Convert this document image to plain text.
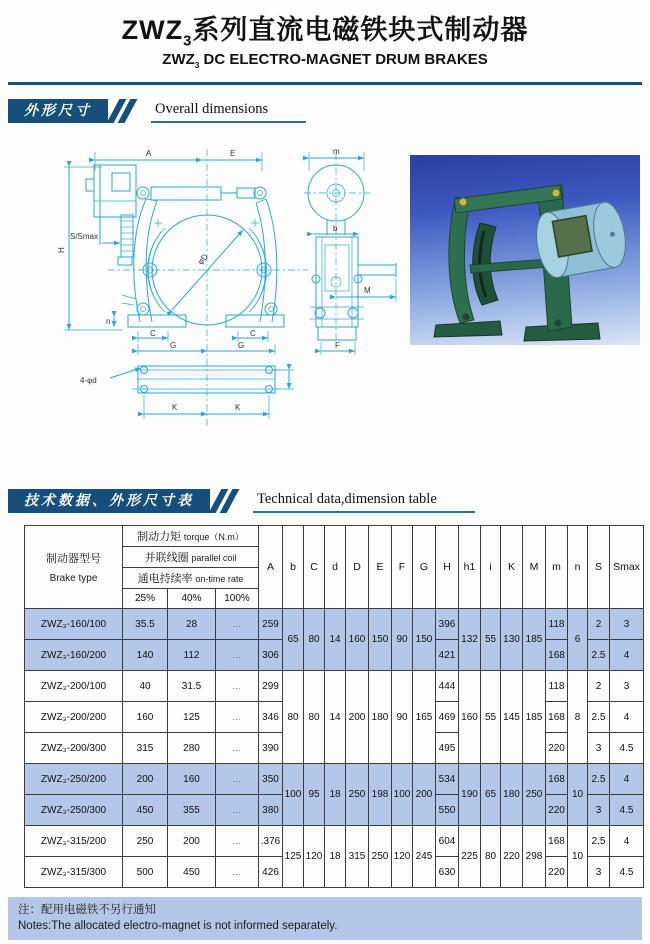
$ZWZ_3$系列直流电磁铁块式制动器
$ZWZ_3$ DC ELECTRO-MAGNET DRUM BRAKES
外形尺寸	Overall dimensions
A	E
H
S/Smax
φD
n
C	C
G	G
4-φd
K	K
m
b
M
F
技术数据、外形尺寸表	Technical data,dimension table
制动器型号
Brake type	制动力矩 torque（N.m）			A	b	C	d	D	E	F	G	H	h1	i	K	M	m	n	S	Smax
	并联线圈 parallel coil																			
	通电持续率 on-time rate																			
	25%	40%	100%																	
ZWZ₃-160/100	35.5	28	…	259	65	80	14	160	150	90	150	396	132	55	130	185	118	6	2	3
ZWZ₃-160/200	140	112	…	306								421					168		2.5	4
ZWZ₃-200/100	40	31.5	…	299	80	80	14	200	180	90	165	444	160	55	145	185	118	8	2	3
ZWZ₃-200/200	160	125	…	346								469					168		2.5	4
ZWZ₃-200/300	315	280	…	390								495					220		3	4.5
ZWZ₃-250/200	200	160	…	350	100	95	18	250	198	100	200	534	190	65	180	250	168	10	2.5	4
ZWZ₃-250/300	450	355	…	380								550					220		3	4.5
ZWZ₃-315/200	250	200	…	.376	125	120	18	315	250	120	245	604	225	80	220	298	168	10	2.5	4
ZWZ₃-315/300	500	450	…	426								630					220		3	4.5
注：配用电磁铁不另行通知
Notes:The allocated electro-magnet is not informed separately.
